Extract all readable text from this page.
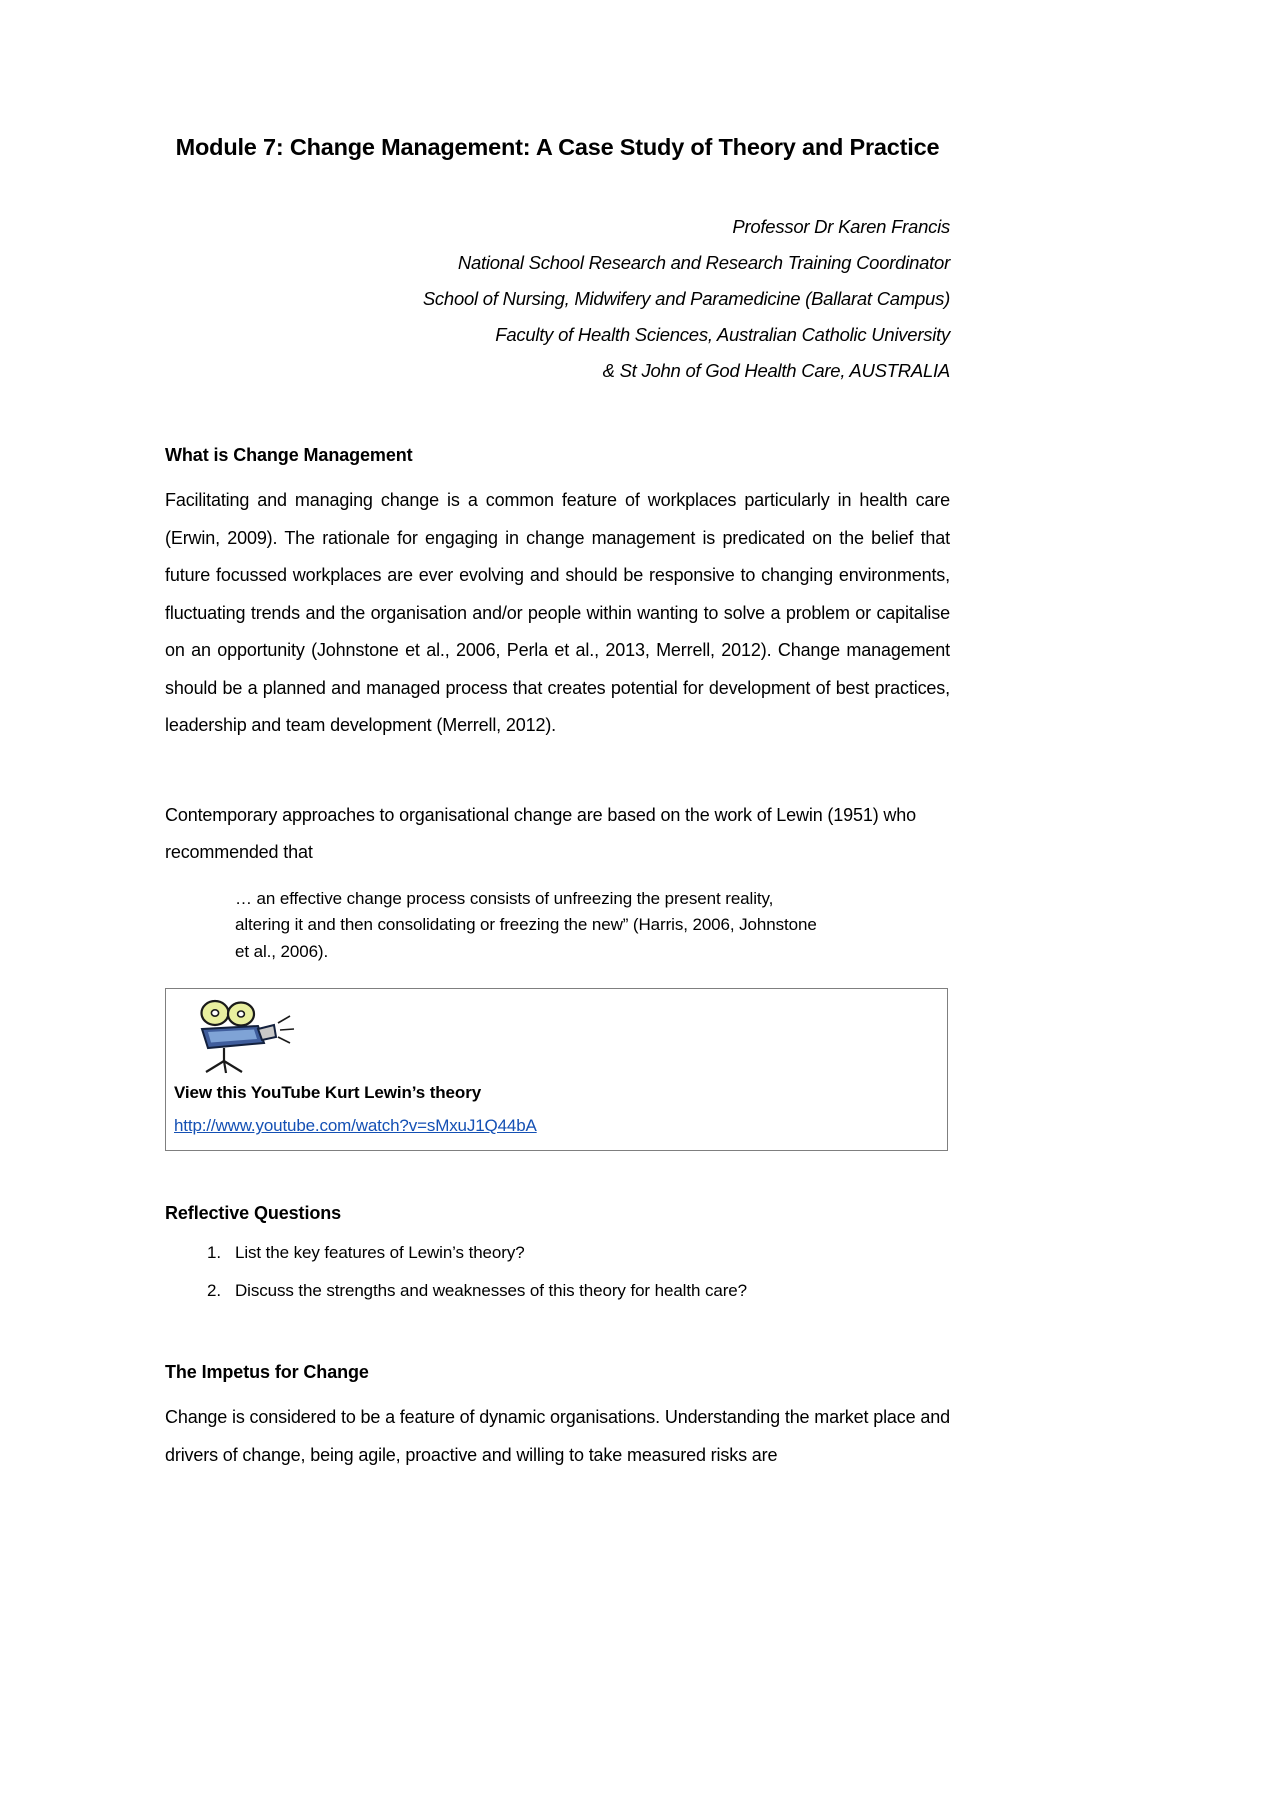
Module 7: Change Management: A Case Study of Theory and Practice
Professor Dr Karen Francis
National School Research and Research Training Coordinator
School of Nursing, Midwifery and Paramedicine (Ballarat Campus)
Faculty of Health Sciences, Australian Catholic University
& St John of God Health Care, AUSTRALIA
What is Change Management

Facilitating and managing change is a common feature of workplaces particularly in health care (Erwin, 2009). The rationale for engaging in change management is predicated on the belief that future focussed workplaces are ever evolving and should be responsive to changing environments, fluctuating trends and the organisation and/or people within wanting to solve a problem or capitalise on an opportunity (Johnstone et al., 2006, Perla et al., 2013, Merrell, 2012). Change management should be a planned and managed process that creates potential for development of best practices, leadership and team development (Merrell, 2012).

Contemporary approaches to organisational change are based on the work of Lewin (1951) who recommended that

… an effective change process consists of unfreezing the present reality,
altering it and then consolidating or freezing the new” (Harris, 2006, Johnstone
et al., 2006).
View this YouTube Kurt Lewin’s theory
http://www.youtube.com/watch?v=sMxuJ1Q44bA
Reflective Questions
List the key features of Lewin’s theory?
Discuss the strengths and weaknesses of this theory for health care?
The Impetus for Change

Change is considered to be a feature of dynamic organisations. Understanding the market place and drivers of change, being agile, proactive and willing to take measured risks are
